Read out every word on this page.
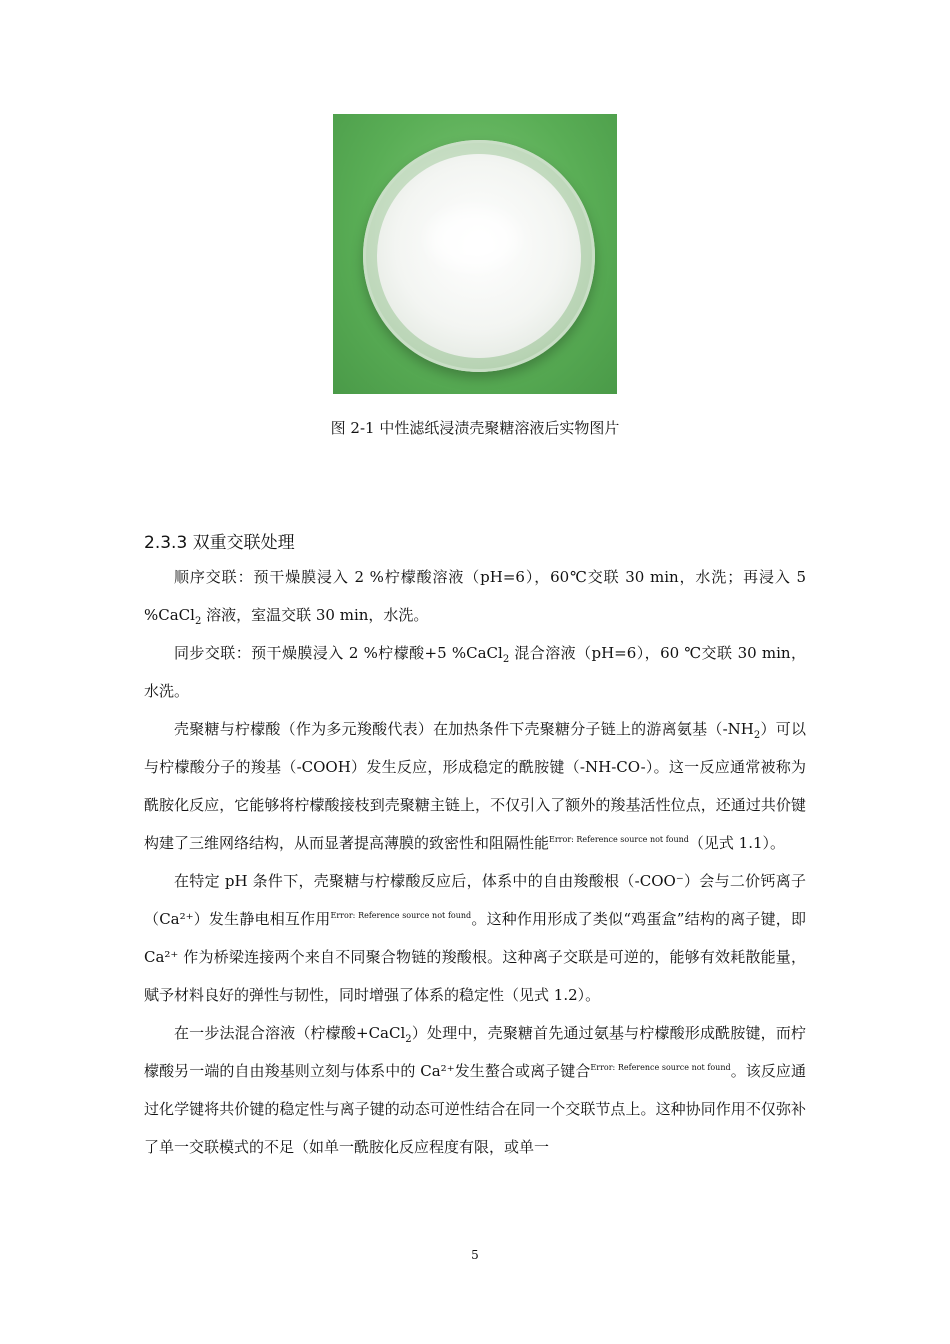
图 2-1 中性滤纸浸渍壳聚糖溶液后实物图片
2.3.3 双重交联处理

顺序交联：预干燥膜浸入 2 %柠檬酸溶液（pH=6），60℃交联 30 min，水洗；再浸入 5 %CaCl$_2$ 溶液，室温交联 30 min，水洗。

同步交联：预干燥膜浸入 2 %柠檬酸+5 %CaCl$_2$ 混合溶液（pH=6），60 ℃交联 30 min，水洗。

壳聚糖与柠檬酸（作为多元羧酸代表）在加热条件下壳聚糖分子链上的游离氨基$(-NH_2)$可以与柠檬酸分子的羧基（-COOH）发生反应，形成稳定的酰胺键（-NH-CO-）。这一反应通常被称为酰胺化反应，它能够将柠檬酸接枝到壳聚糖主链上，不仅引入了额外的羧基活性位点，还通过共价键构建了三维网络结构，从而显著提高薄膜的致密性和阻隔性能$^{Error: Reference source not found}$（见式 1.1）。

在特定 pH 条件下，壳聚糖与柠檬酸反应后，体系中的自由羧酸根（-COO⁻）会与二价钙离子（Ca²⁺）发生静电相互作用$^{Error: Reference source not found}$。这种作用形成了类似“鸡蛋盒”结构的离子键，即 Ca²⁺ 作为桥梁连接两个来自不同聚合物链的羧酸根。这种离子交联是可逆的，能够有效耗散能量，赋予材料良好的弹性与韧性，同时增强了体系的稳定性（见式 1.2）。

在一步法混合溶液（柠檬酸+CaCl$_2$）处理中，壳聚糖首先通过氨基与柠檬酸形成酰胺键，而柠檬酸另一端的自由羧基则立刻与体系中的 Ca²⁺发生螯合或离子键合$^{Error: Reference source not found}$。该反应通过化学键将共价键的稳定性与离子键的动态可逆性结合在同一个交联节点上。这种协同作用不仅弥补了单一交联模式的不足（如单一酰胺化反应程度有限，或单一

5
